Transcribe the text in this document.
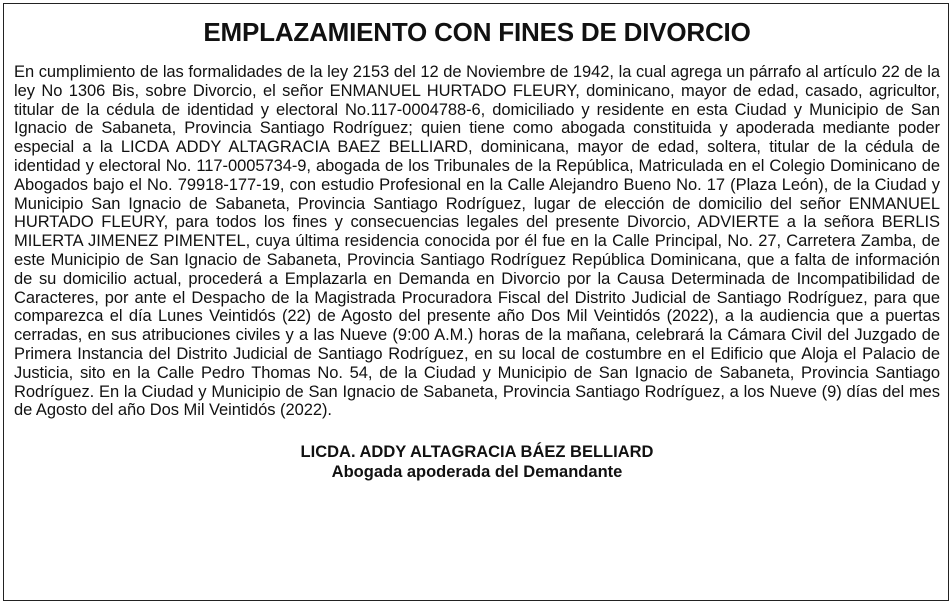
EMPLAZAMIENTO CON FINES DE DIVORCIO

En cumplimiento de las formalidades de la ley 2153 del 12 de Noviembre de 1942, la cual agrega un párrafo al artículo 22 de la ley No 1306 Bis, sobre Divorcio, el señor ENMANUEL HURTADO FLEURY, dominicano, mayor de edad, casado, agricultor, titular de la cédula de identidad y electoral No.117-0004788-6, domiciliado y residente en esta Ciudad y Municipio de San Ignacio de Sabaneta, Provincia Santiago Rodríguez; quien tiene como abogada constituida y apoderada mediante poder especial a la LICDA ADDY ALTAGRACIA BAEZ BELLIARD, dominicana, mayor de edad, soltera, titular de la cédula de identidad y electoral No. 117-0005734-9, abogada de los Tribunales de la República, Matriculada en el Colegio Dominicano de Abogados bajo el No. 79918-177-19, con estudio Profesional en la Calle Alejandro Bueno No. 17 (Plaza León), de la Ciudad y Municipio San Ignacio de Sabaneta, Provincia Santiago Rodríguez, lugar de elección de domicilio del señor ENMANUEL HURTADO FLEURY, para todos los fines y consecuencias legales del presente Divorcio, ADVIERTE a la señora BERLIS MILERTA JIMENEZ PIMENTEL, cuya última residencia conocida por él fue en la Calle Principal, No. 27, Carretera Zamba, de este Municipio de San Ignacio de Sabaneta, Provincia Santiago Rodríguez República Dominicana, que a falta de información de su domicilio actual, procederá a Emplazarla en Demanda en Divorcio por la Causa Determinada de Incompatibilidad de Caracteres, por ante el Despacho de la Magistrada Procuradora Fiscal del Distrito Judicial de Santiago Rodríguez, para que comparezca el día Lunes Veintidós (22) de Agosto del presente año Dos Mil Veintidós (2022), a la audiencia que a puertas cerradas, en sus atribuciones civiles y a las Nueve (9:00 A.M.) horas de la mañana, celebrará la Cámara Civil del Juzgado de Primera Instancia del Distrito Judicial de Santiago Rodríguez, en su local de costumbre en el Edificio que Aloja el Palacio de Justicia, sito en la Calle Pedro Thomas No. 54, de la Ciudad y Municipio de San Ignacio de Sabaneta, Provincia Santiago Rodríguez. En la Ciudad y Municipio de San Ignacio de Sabaneta, Provincia Santiago Rodríguez, a los Nueve (9) días del mes de Agosto del año Dos Mil Veintidós (2022).

LICDA. ADDY ALTAGRACIA BÁEZ BELLIARD
Abogada apoderada del Demandante
